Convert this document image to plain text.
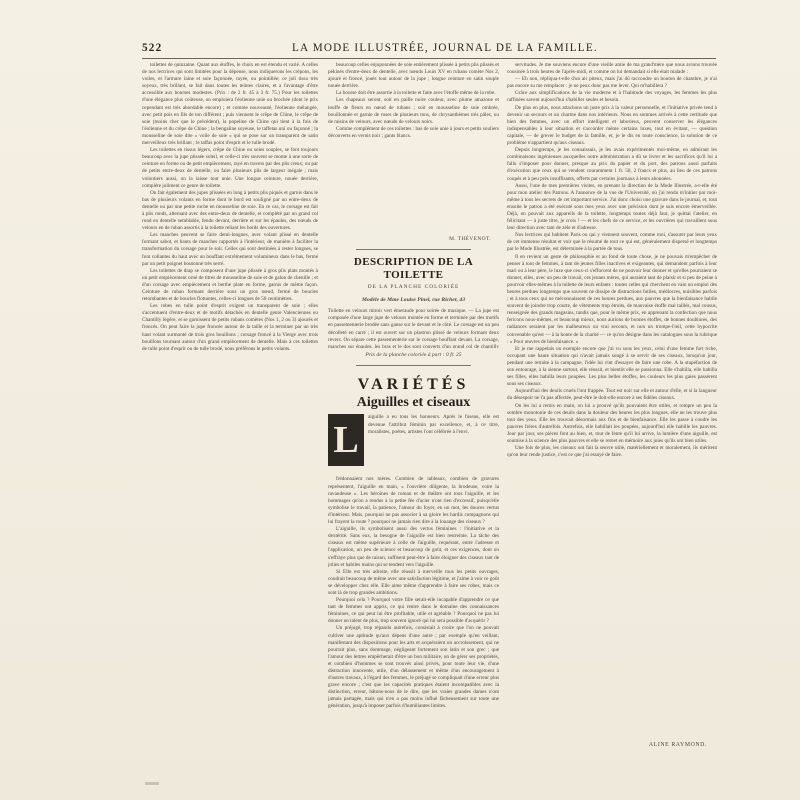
522	LA MODE ILLUSTRÉE, JOURNAL DE LA FAMILLE.

toilettes de quinzaine. Quant aux étoffes, le choix en est étendu et varié. A celles de nos lectrices qui sont limitées pour la dépense, nous indiquerons les crépons, les voiles, et l'armure laine et soie façonnée, rayée, ou pointillée; ce joli tissu très soyeux, très brillant, se fait dans toutes les teintes claires, et a l'avantage d'être accessible aux bourses modestes. (Prix : de 2 fr. 45 à 3 fr. 75.) Pour les toilettes d'une élégance plus coûteuse, on emploiera l'éolienne unie ou brochée (dont le prix cependant est très abordable encore) ; et comme nouveauté, l'éolienne mélangée, avec petit pois en fils de ton différent ; puis viennent le crêpe de Chine, le crêpe de soie (moins cher que le précédent), la popeline de Chine qui tient à la fois de l'éolienne et du crêpe de Chine ; la bengaline soyeuse, le taffetas uni ou façonné ; la mousseline de soie dite « voile de soie » qui se pose sur un transparent de satin merveilleux très brillant ; le taffas point d'esprit et le tulle brodé.

Les toilettes en tissus légers, crêpe de Chine ou soies souples, se font toujours beaucoup avec la jupe plissée soleil, et celle-ci très souvent se monte à une sorte de ceinture en forme ou de petit empiècement, rayé en travers par des plis creux; ou par de petits entre-deux de dentelle, ou faire plusieurs plis de largeur inégale ; mais volontiers aussi, on la laisse tout unie. Une longue ceinture, nouée derrière, complète joliment ce genre de toilette.

On fait également des jupes plissées en long à petits plis piqués et garnis dans le bas de plusieurs volants en forme dont le bord est souligné par un entre-deux de dentelle ou par une petite ruche en mousseline de soie. En ce cas, le corsage est fait à plis ronds, alternant avec des entre-deux de dentelle, et complété par un grand col rond en dentelle semblable, fendu devant, derrière et sur les épaules, des nœuds de velours en de ruban assortis à la toilette reliant les bords des ouvertures.

Les manches peuvent se faire demi-longues, avec volant plissé en dentelle formant sabot, et hauts de manches rapportés à l'intérieur, de manière à faciliter la transformation du corsage pour le soir. Celles qui sont destinées à rester longues, se font collantes du haut avec un bouffant extrêmement volumineux dans le bas, fermé par un petit poignet boutonné très serré.

Les toilettes de drap se composent d'une jupe plissée à gros plis plats montés à un petit empiècement orné de titres de mousseline de soie et de galon de chenille ; et d'un corsage avec empiècement et berthe plate en forme, garnis de même façon. Ceinture de ruban formant derrière sous un gros nœud, fermé de boucles retombantes et de boucles flottantes, celles-ci longues de 50 centimètres.

Les robes en tulle point d'esprit exigent un transparent de soie ; elles s'accentuent d'entre-deux et de motifs détachés en dentelle genre Valenciennes ou Chantilly légère, et se garnissent de petits rubans comètes (Nos 1, 2 ou 3) ajourés et froncés. On peut faire la jupe froncée autour de la taille et la terminer par un très haut volant surmonté de trois gros bouillons ; corsage froncé à la Vierge avec trois bouillons tournant autour d'un grand empiècement de dentelle. Mais à ces toilettes de tulle point d'esprit ou de tulle brodé, nous préférons le petits volants.

beaucoup celles enjuponnées de soie entièrement plissée à petits plis plissés et pékinés d'entre-deux de dentelle, avec nœuds Louis XV en rubans comète Nos 2, ajouré et froncé, joués tout autour de la jupe ; longue ceinture en satin souple nouée derrière.

La bourse doit être assortie à la toilette et faite avec l'étoffe même de la robe.

Les chapeaux seront, soit en paille noire couleur, avec plume amazone et touffe de fleurs en nœud de rubans ; soit en mousseline de soie ombrée, bouillonnée et garnie de roses de plusieurs tons, de chrysanthèmes très pâles, ou de raisins de velours, avec nœuds de velours noirs.

Comme complément de ces toilettes : bas de soie unie à jours et petits souliers découverts en vernis noir ; gants blancs.

M. THÉVENOT.
DESCRIPTION DE LA TOILETTE
DE LA PLANCHE COLORIÉE
Modèle de Mme Louise Pinel, rue Richer, 43
Toilette en velours miroir vert émeraude pour soirée de musique. — La jupe est composée d'une large jupe de velours montée en forme et terminée par des motifs en passementerie brodée sans ganse sur le devant et le côté. Le corsage est un peu décolleté en carré ; il est ouvert sur un plastron plissé de velours formant deux revers. On sépare cette passementerie sur le corsage bouffant devant. La corsage, manches sur épaules, les bras et le dos sont couverts d'un grand col de chantilly
Prix de la planche coloriée à part : 0 fr. 25
VARIÉTÉS
Aiguilles et ciseaux
L
aiguille a eu tous les honneurs. Après le fuseau, elle est devenue l'attribut féminin par excellence, et, à ce titre, moralistes, poètes, artistes l'ont célébrée à l'envi.

frédonnaient nos mères. Combien de tableaux, combien de gravures représentent, l'aiguille en main, « l'ouvrière diligente, la brodeuse, voire la ravaudeuse ». Les héroïnes de roman et de théâtre ont tous l'aiguille, et les hommages qu'on a rendus à la petite fée d'acier n'ont rien d'excessif, puisqu'elle symbolise le travail, la patience, l'amour du foyer, en un mot, les douces vertus d'intérieur. Mais, pourquoi ne pas associer à sa gloire les hardis compagnons qui lui frayent la route ? pourquoi ne jamais rien dire à la louange des ciseaux ?

L'aiguille, ils symbolisent aussi des vertus féminines : l'initiative et la dextérité. Sans eux, la besogne de l'aiguille est bien restreinte. La tâche des ciseaux est même supérieure à celle de l'aiguille, requérant, entre l'adresse et l'application, un peu de science et beaucoup de goût, et ces exigences, dont on s'effraye plus que de raison, suffisent peut-être à faire éloigner des ciseaux tant de jolies et habiles mains qui se tendent vers l'aiguille.

Si Elle est très adroite, elle réussit à merveille tous les petits ouvrages, coudrait beaucoup de même avec une satisfaction légitime, et j'aime à voir ce goût se développer chez elle. Elle aime même d'apprendre à faire ses robes, mais ce sont là de trop grandes ambitions.

Pourquoi cela ? Pourquoi votre fille serait-elle incapable d'apprendre ce que tant de femmes ont appris, ce qui rentre dans le domaine des connaissances féminines, ce qui peut lui être profitable, utile et agréable ? Pourquoi ne pas lui donner un talent de plus, trop souvent ignoré qui lui sera possible d'acquérir ?

Un préjugé, trop répandu autrefois, consistait à croire que l'on ne pouvait cultiver une aptitude qu'aux dépens d'une autre ; par exemple qu'en veillant, manifestant des dispositions pour les arts et acquéraient un accroissement, qui ne pourrait plus, sans dommage, négligeant fortement son latin et son grec ; que l'amour des lettres empêcherait d'être un bon militaire, un de gérer ses propriétés, et combien d'hommes se sont trouvés ainsi privés, pour toute leur vie, d'une distraction innocente, utile, d'un délassement et même d'un encouragement à d'autres travaux, à l'égard des femmes, le préjugé se compliquait d'une erreur plus grave encore ; c'est que les capacités pratiques étaient incompatibles avec la distinction, erreur, bâtons-nous de le dire, que les vraies grandes dames n'ont jamais partagée, mais qui n'en a pas moins influé fâcheusement sur toute une génération, jusqu'à imposer parfois d'humiliantes limites.

servitudes. Je me souviens encore d'une vieille amie de ma grand'mère que nous avions trouvée cousinée à trois heures de l'après-midi, et comme on lui demandait si elle était malade :

— Eh non, répliqua-t-elle d'un air piteux, mais j'ai dû raccoudre un bouton de chambre, je n'ai pas encore su me remplacer : je ne peux donc pas me lever. Qui m'habillera ?

Grâce aux simplifications de la vie moderne et à l'habitude des voyages, les femmes les plus raffinées savent aujourd'hui s'habiller seules et besoin.

De plus en plus, nous attachons un juste prix à la valeur personnelle, et l'initiative privée tend à devenir un secours et un charme dans nos intérieurs. Nous en sommes arrivés à cette certitude que bien des femmes, avec un effort intelligent et laborieux, peuvent conserver les élégances indispensables à leur situation et s'accorder même certains luxes, tout en évitant, — question capitale, — de grever le budget de la famille, et, je le dis en toute conscience, la solution de ce problème n'appartient qu'aux ciseaux.

Depuis longtemps, je les connaissais, je les avais expérimentés moi-même, en admirant les combinaisons ingénieuses auxquelles notre administration a dû se livrer et les sacrifices qu'il lui a fallu s'imposer pour donner, presque au prix du papier et du port, des patrons aussi parfaits d'exécution que ceux qui se vendent couramment 1 fr. 50, 2 francs et plus, au lieu de ces patrons coupés et à peu près insuffisants, offerts par certains journaux à leurs abonnées.

Aussi, l'une de mes premières visites, en prenant la direction de la Mode Illustrée, a-t-elle été pour mon atelier des Patrons. A l'annonce de la vue de l'Université, où j'ai rendu m'initier par moi-même à tous les secrets de cet important service. J'ai donc choisi une gravure dans le journal, et, tout ensuite le patron a été exécuté sous mes yeux avec une précision dont je suis encore émerveillée. Déjà, on pouvait aux appareils de la toilette, longtemps toutes déjà faut, je quittai l'atelier, en félicitant — à juste titre, je crois ! — et les chefs de ce service, et les ouvrières qui travaillent sous leur direction avec tant de zèle et d'adresse.

Nos lectrices qui habitent Paris ou qui y viennent souvent, comme moi, s'assurer par leurs yeux de cet immense résultat et voir que le résumé de tout ce qui est, généralement dispersé et longtemps par le Mode Illustrée, est déterminée à la portée de tous.

Il en revient un geste de philosophie et au fond de toute chose, je ne pouvais m'empêcher de penser à tout de femmes, à tant de jeunes filles inactives et exigeantes, qui demandent parfois à leur mari ou à leur père, le luxe que ceux-ci s'efforcent de ne pouvoir leur donner et qu'elles pourraient se donner, elles, avec un peu de travail, ces jeunes mères, qui auraient tant de plaisir et si peu de peine à pourvoir elles-mêmes à la toilette de leurs enfants : toutes celles qui cherchent en vain un emploi des heures perdues longtemps que souvent ne dissipe de distractions futiles, médiocres, nuisibles parfois ; et à tous ceux qui ne méconnaissent de ces heures perdues, aux pauvres que la bienfaisance habile souvent de joindre trop courte, de vêtements trop étroits, de mauvaise étoffe mal taillés, mal cousus, renseignée des grands magasins, tandis que, pour le même prix, en apprenant la confection que nous fericons nous-mêmes, et beaucoup mieux, nous aurions de bonnes étoffes, de bonnes doublures, des radiances seraient par les malheureux un vrai secours, et non un trompe-l'œil, cette hypocrite convenable qu'est — à la honte de la charité — ce qu'on désigne dans les catalogues sous la rubrique : « Pour œuvres de bienfaisance. »

Et je me rappelais un exemple encore que j'ai vu sous les yeux, celui d'une femme fort riche, occupant une haute situation qui n'avait jamais songé à se servir de ses ciseaux, lorsqu'un jour, pendant une retraite à la campagne, l'idée lui vint d'essayer de faire une robe. A la stupéfaction de son entourage, à la sienne surtout, elle réussit, et bientôt elle se passionna. Elle s'habilla, elle habilla ses filles, elles habilla leurs poupées. Les plus belles étoffes, les couleurs les plus gaies passèrent sous ses ciseaux.

Aujourd'hui des deuils cruels l'ont frappée. Tout est noir sur elle et autour d'elle, et si la langueur du désespoir ne l'a pas affectée, peut-être le doit-elle encore à ses fidèles ciseaux.

On les lui a remis en main, on lui a prouvé qu'ils pouvaient être utiles, et rompre un peu la sombre monotonie de ces deuils dans la douleur des heures les plus longues, elle ne les trouve plus tout des yeux. Elle les trouvait désormais aux fins et de bienfaisance. Elle les passe à coudre les pauvres frères d'autrefois. Autrefois, elle habillait les poupées, aujourd'hui elle habille les pauvres. Jour par jour, ses pièces font au bien, et, tout de fente qu'il lui arrive, la lumière d'une aiguille, est soumise à la science des plus pauvres et elle se remet en mémoire aux joies qu'ils ont bien utiles.

Une fois de plus, les ciseaux ont fait la œuvre utile, matériellement et moralement, ils méritent qu'on leur rende justice, c'est ce que j'ai essayé de faire.

ALINE RAYMOND.
